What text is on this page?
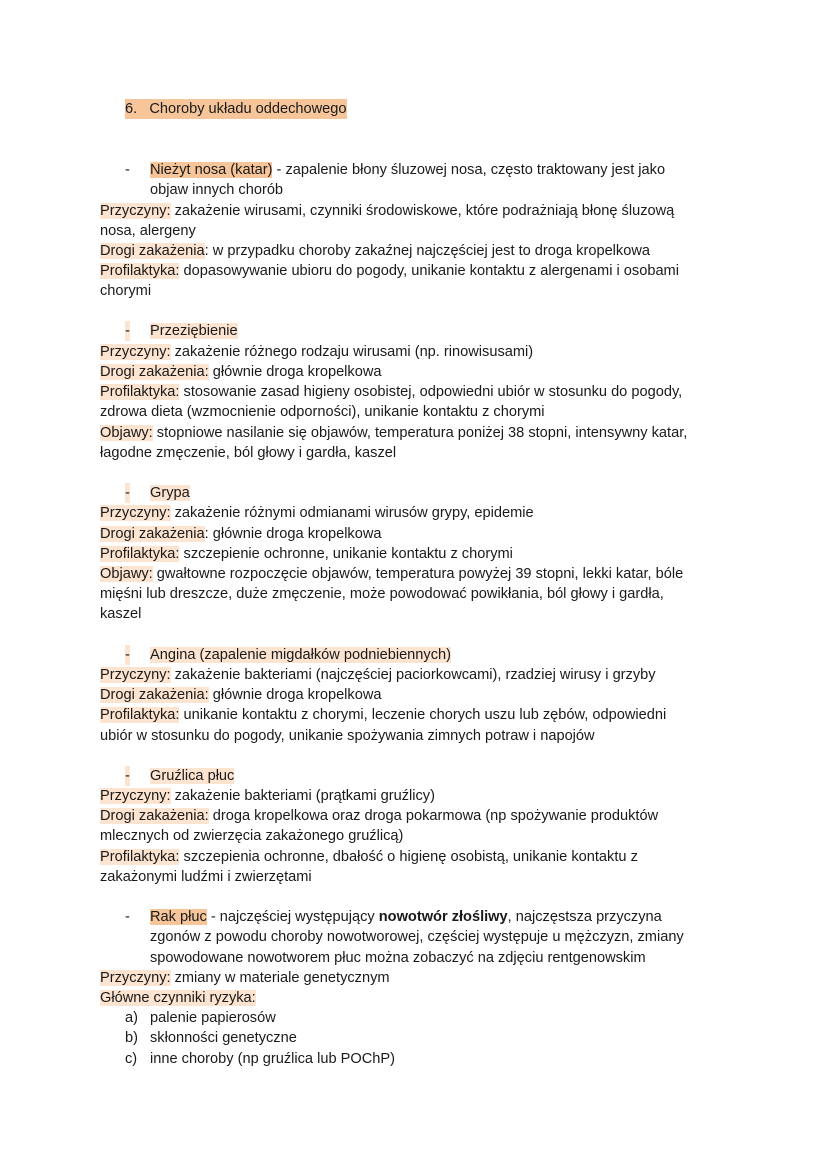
6. Choroby układu oddechowego
- Nieżyt nosa (katar) - zapalenie błony śluzowej nosa, często traktowany jest jako
objaw innych chorób
Przyczyny: zakażenie wirusami, czynniki środowiskowe, które podrażniają błonę śluzową
nosa, alergeny
Drogi zakażenia: w przypadku choroby zakaźnej najczęściej jest to droga kropelkowa
Profilaktyka: dopasowywanie ubioru do pogody, unikanie kontaktu z alergenami i osobami
chorymi
- Przeziębienie
Przyczyny: zakażenie różnego rodzaju wirusami (np. rinowisusami)
Drogi zakażenia: głównie droga kropelkowa
Profilaktyka: stosowanie zasad higieny osobistej, odpowiedni ubiór w stosunku do pogody,
zdrowa dieta (wzmocnienie odporności), unikanie kontaktu z chorymi
Objawy: stopniowe nasilanie się objawów, temperatura poniżej 38 stopni, intensywny katar,
łagodne zmęczenie, ból głowy i gardła, kaszel
- Grypa
Przyczyny: zakażenie różnymi odmianami wirusów grypy, epidemie
Drogi zakażenia: głównie droga kropelkowa
Profilaktyka: szczepienie ochronne, unikanie kontaktu z chorymi
Objawy: gwałtowne rozpoczęcie objawów, temperatura powyżej 39 stopni, lekki katar, bóle
mięśni lub dreszcze, duże zmęczenie, może powodować powikłania, ból głowy i gardła,
kaszel
- Angina (zapalenie migdałków podniebiennych)
Przyczyny: zakażenie bakteriami (najczęściej paciorkowcami), rzadziej wirusy i grzyby
Drogi zakażenia: głównie droga kropelkowa
Profilaktyka: unikanie kontaktu z chorymi, leczenie chorych uszu lub zębów, odpowiedni
ubiór w stosunku do pogody, unikanie spożywania zimnych potraw i napojów
- Gruźlica płuc
Przyczyny: zakażenie bakteriami (prątkami gruźlicy)
Drogi zakażenia: droga kropelkowa oraz droga pokarmowa (np spożywanie produktów
mlecznych od zwierzęcia zakażonego gruźlicą)
Profilaktyka: szczepienia ochronne, dbałość o higienę osobistą, unikanie kontaktu z
zakażonymi ludźmi i zwierzętami
- Rak płuc - najczęściej występujący nowotwór złośliwy, najczęstsza przyczyna
zgonów z powodu choroby nowotworowej, częściej występuje u mężczyzn, zmiany
spowodowane nowotworem płuc można zobaczyć na zdjęciu rentgenowskim
Przyczyny: zmiany w materiale genetycznym
Główne czynniki ryzyka:
a) palenie papierosów
b) skłonności genetyczne
c) inne choroby (np gruźlica lub POChP)
